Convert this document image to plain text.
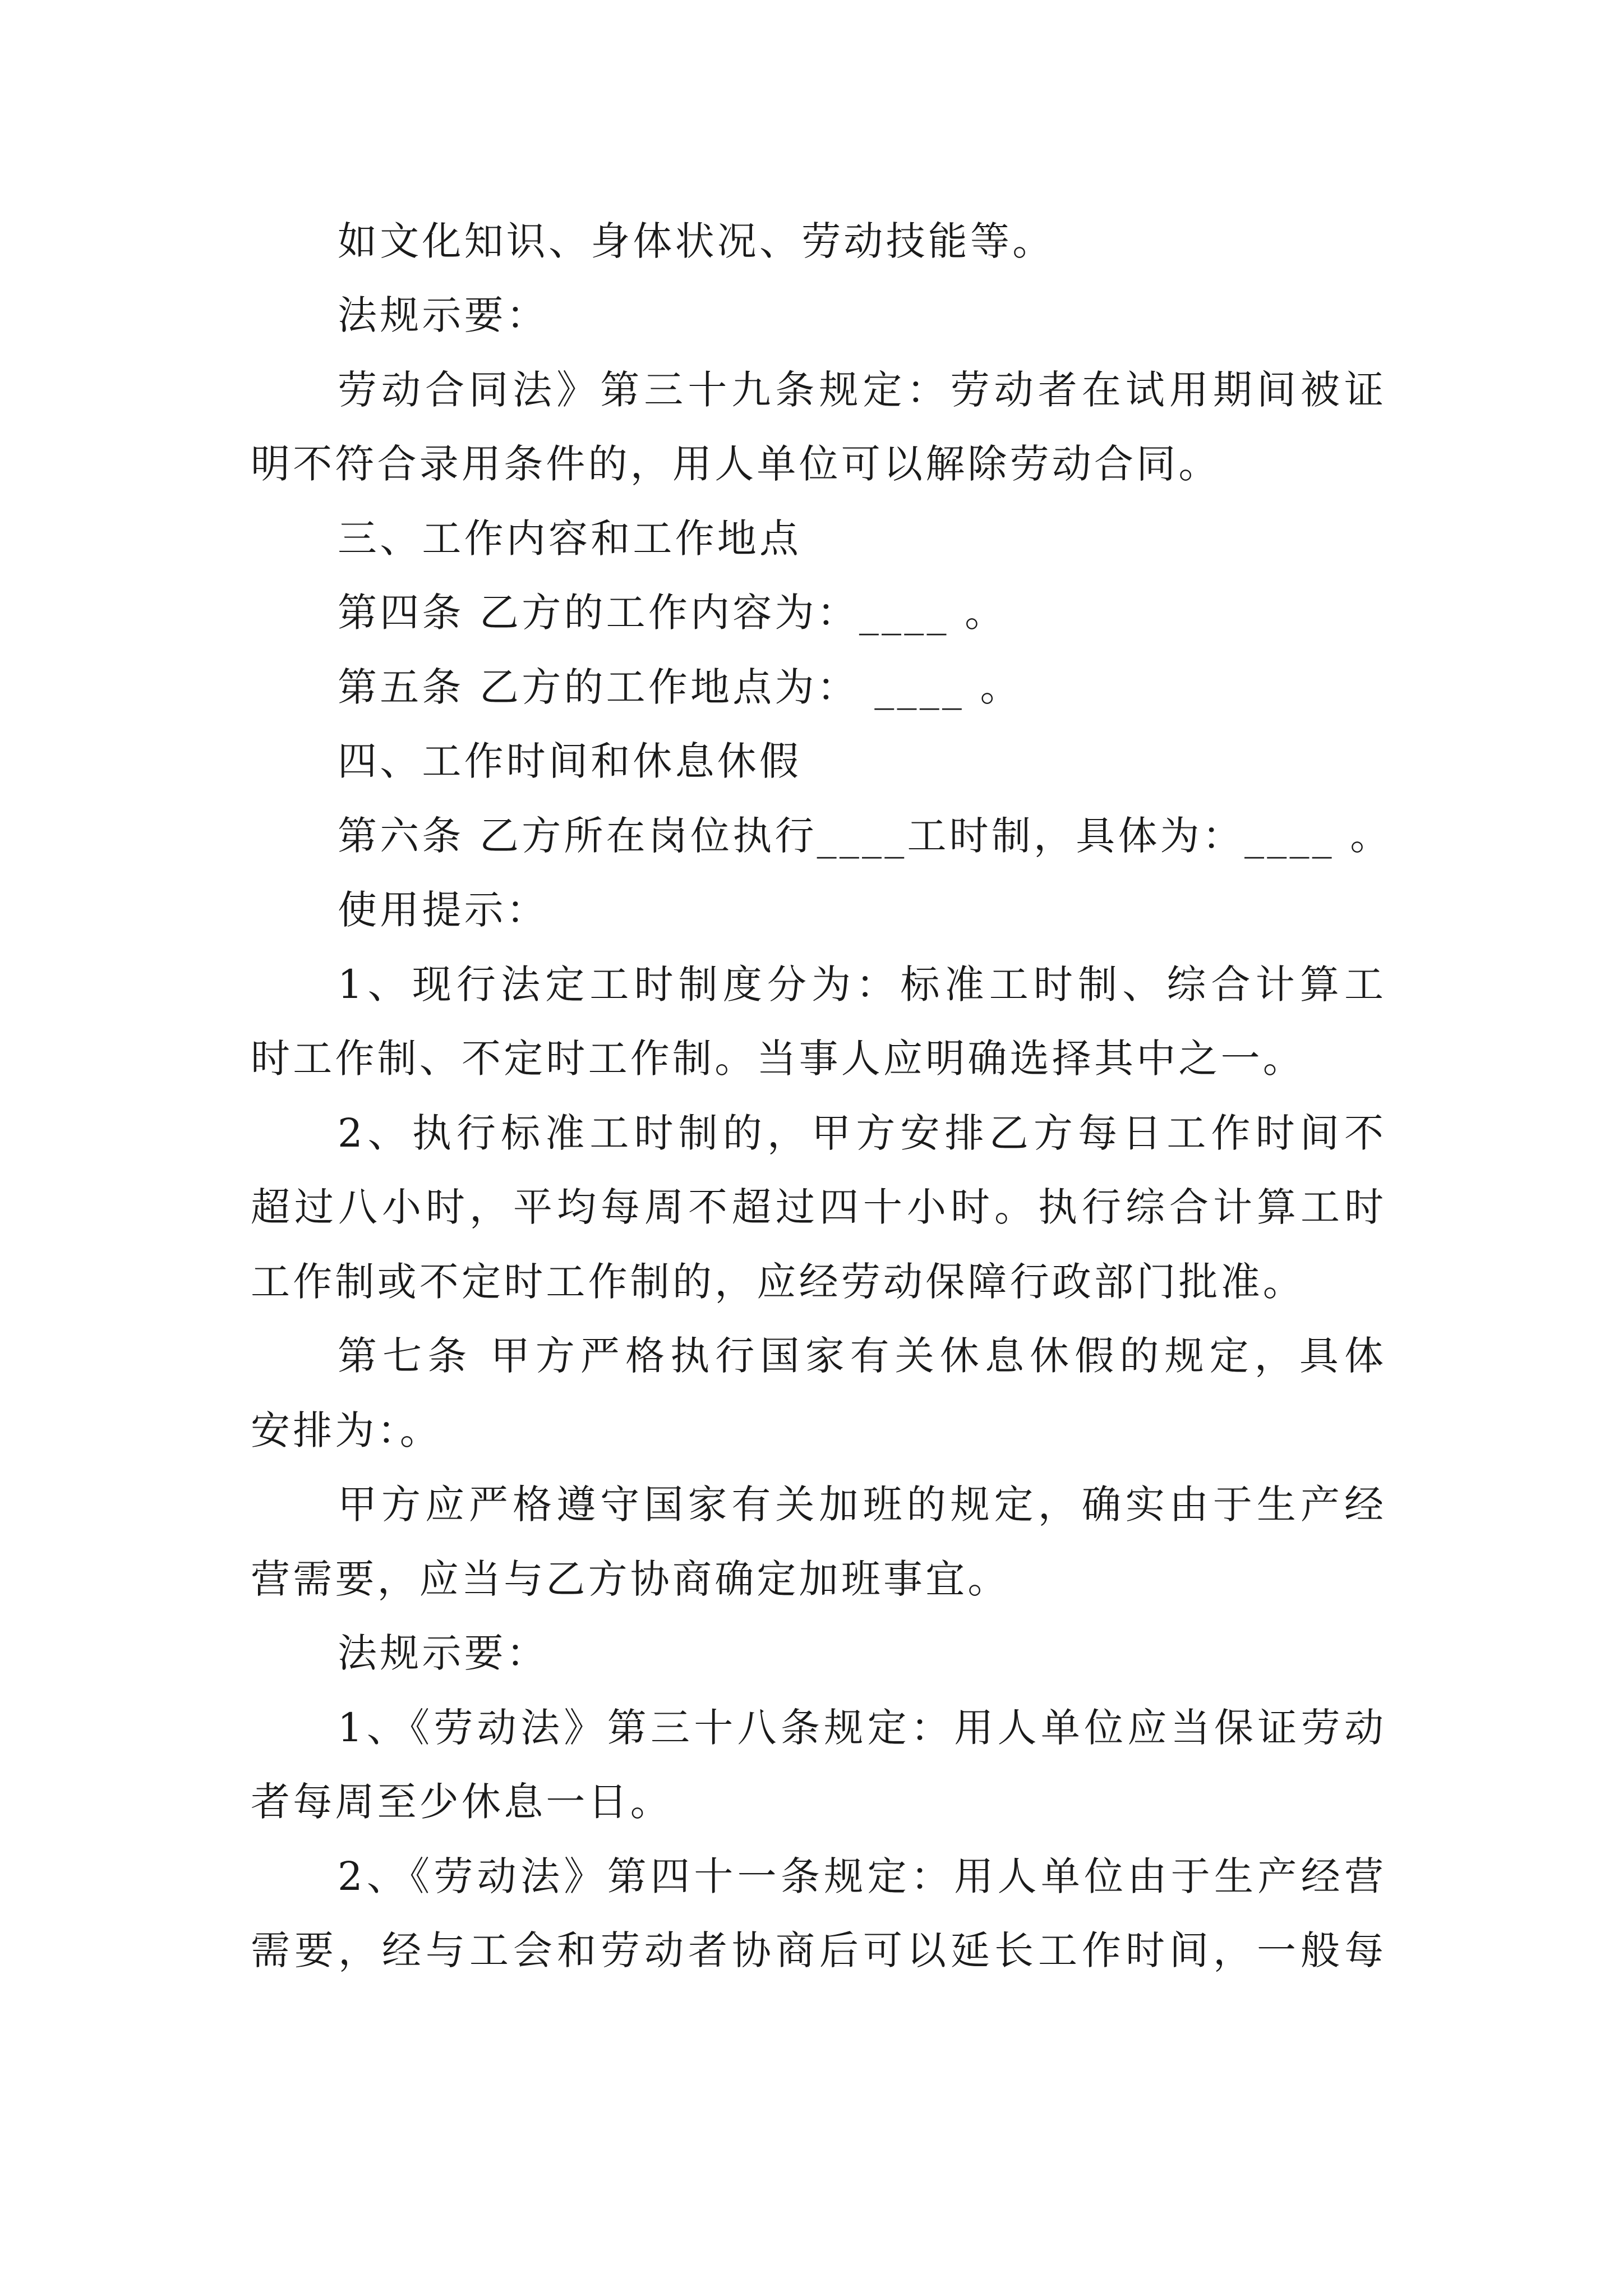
如文化知识、身体状况、劳动技能等。

法规示要：

劳动合同法》第三十九条规定：劳动者在试用期间被证

明不符合录用条件的，用人单位可以解除劳动合同。

三、工作内容和工作地点

第四条 乙方的工作内容为：____ 。

第五条 乙方的工作地点为： ____ 。

四、工作时间和休息休假

第六条 乙方所在岗位执行____工时制，具体为：____ 。

使用提示：

1、现行法定工时制度分为：标准工时制、综合计算工

时工作制、不定时工作制。当事人应明确选择其中之一。

2、执行标准工时制的，甲方安排乙方每日工作时间不

超过八小时，平均每周不超过四十小时。执行综合计算工时

工作制或不定时工作制的，应经劳动保障行政部门批准。

第七条 甲方严格执行国家有关休息休假的规定，具体

安排为：。

甲方应严格遵守国家有关加班的规定，确实由于生产经

营需要，应当与乙方协商确定加班事宜。

法规示要：

1、《劳动法》第三十八条规定：用人单位应当保证劳动

者每周至少休息一日。

2、《劳动法》第四十一条规定：用人单位由于生产经营

需要，经与工会和劳动者协商后可以延长工作时间，一般每
